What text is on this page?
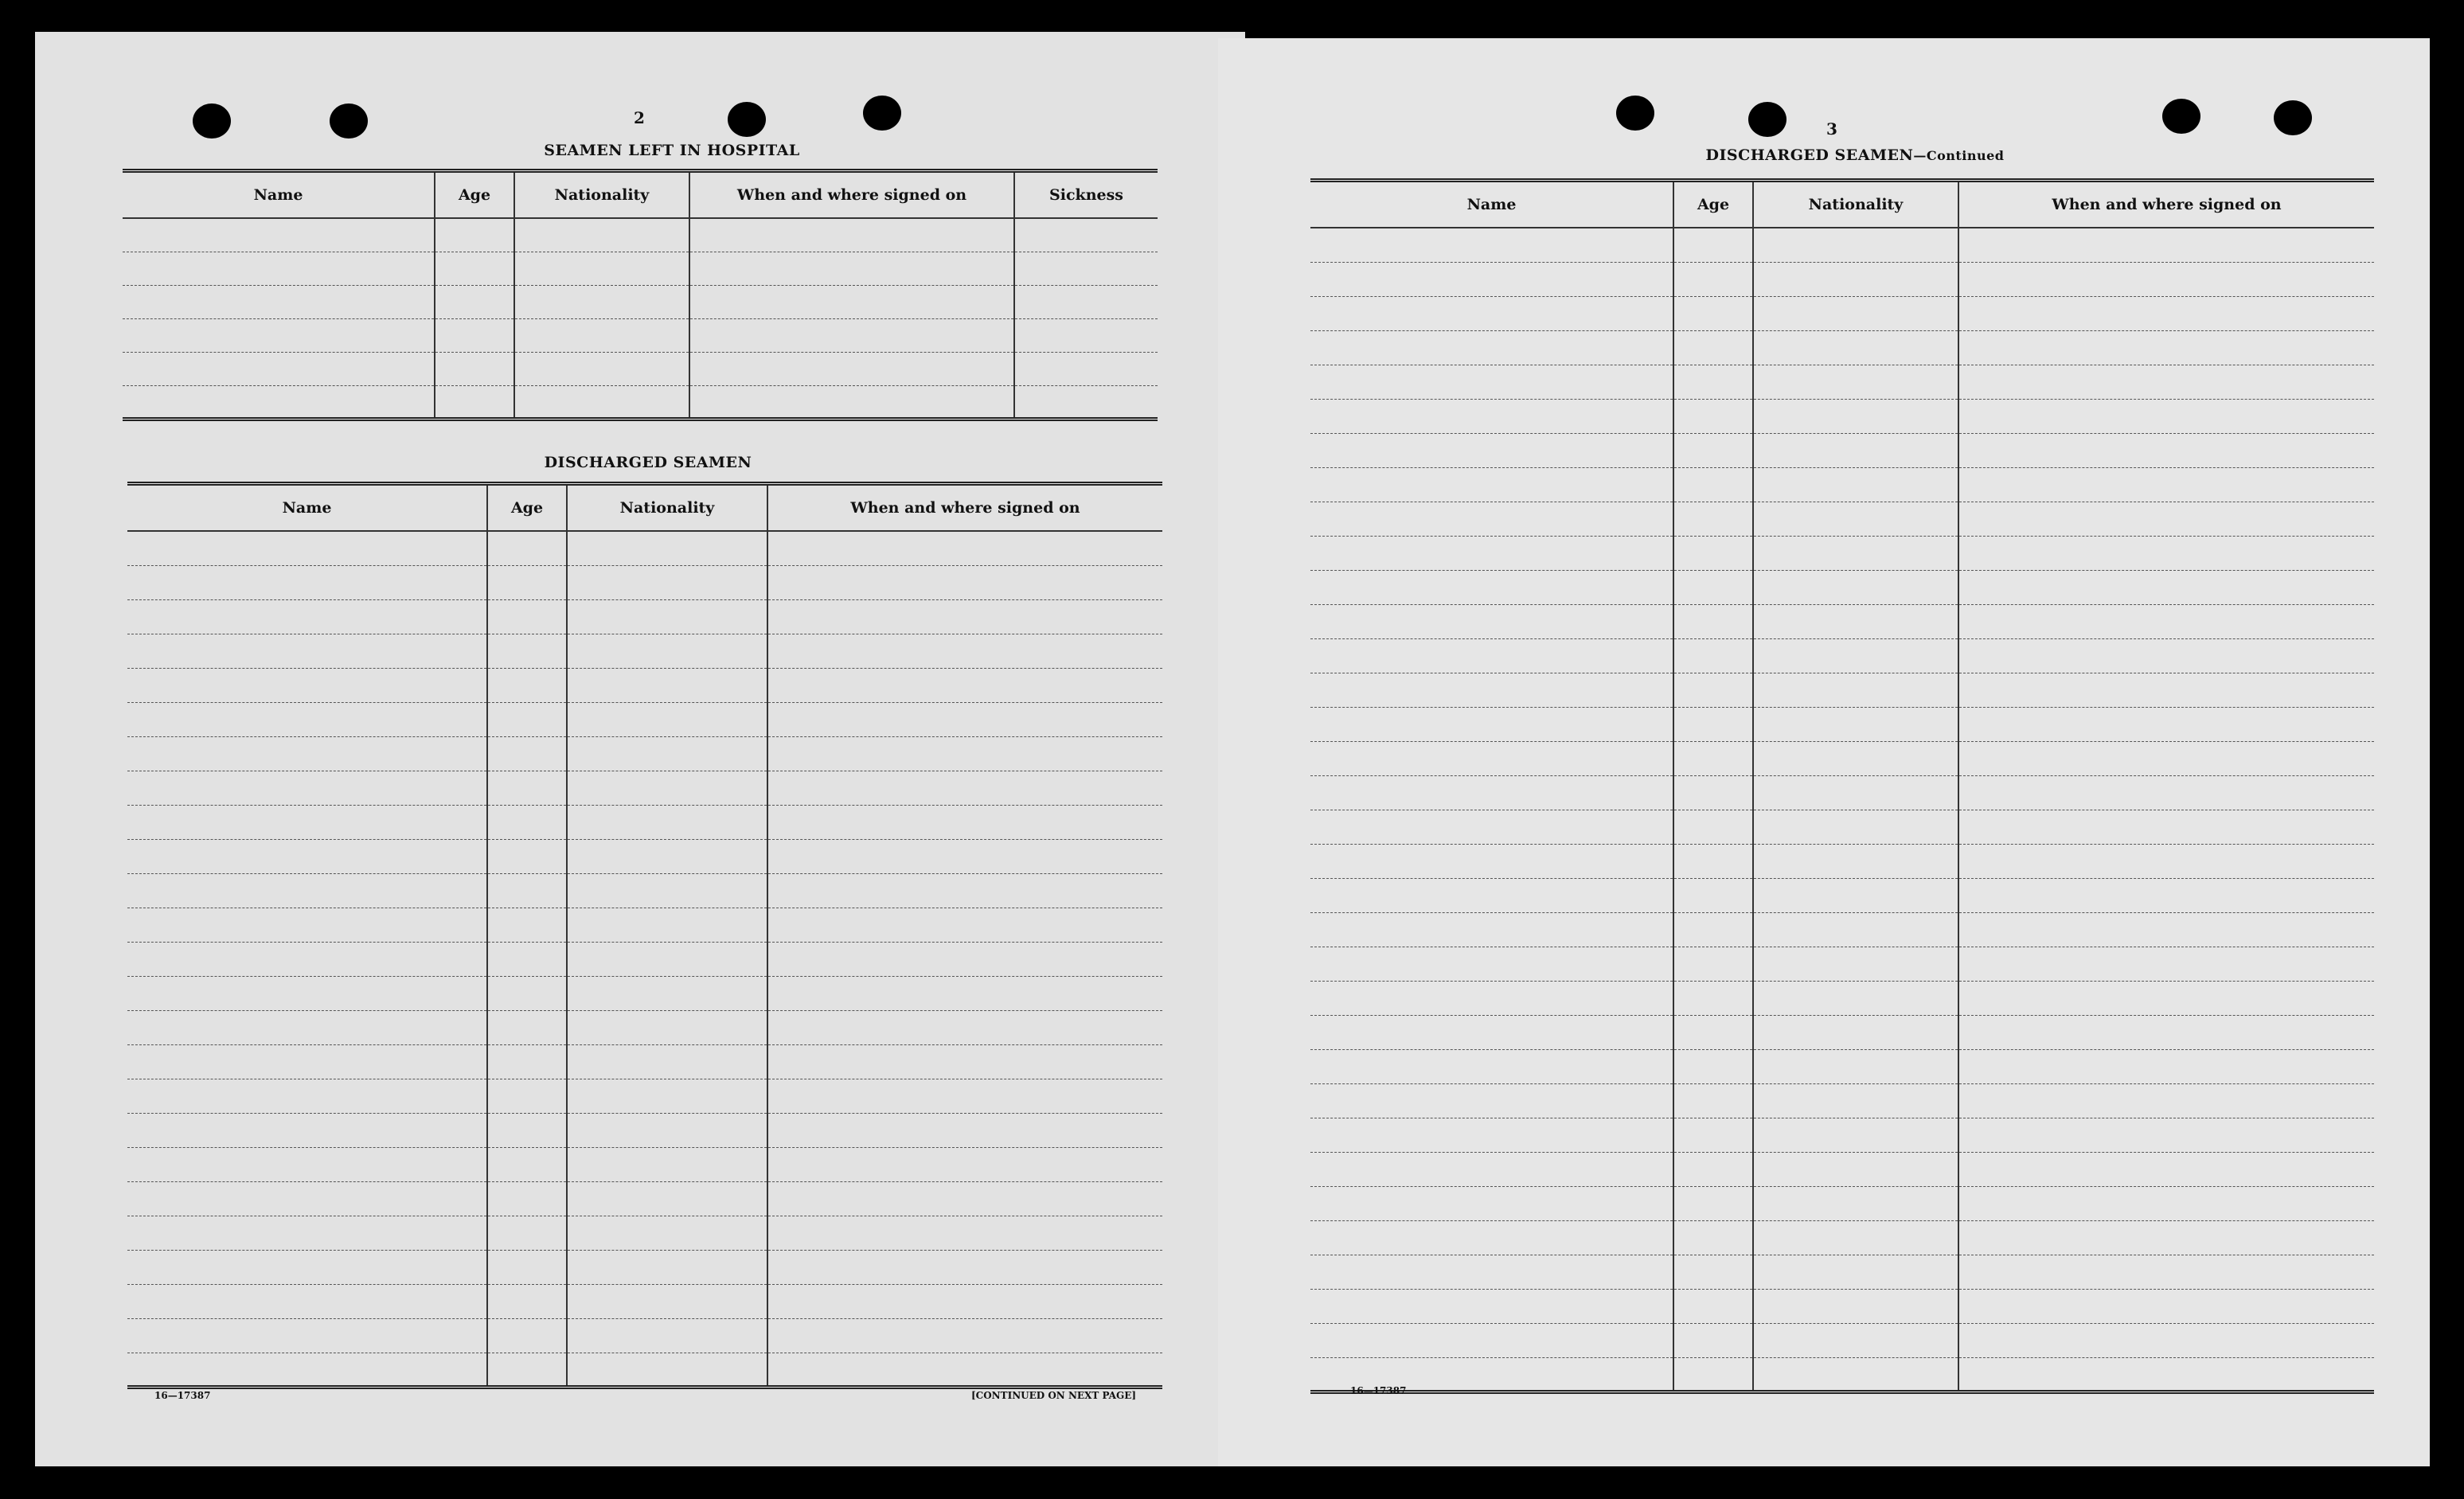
2
SEAMEN LEFT IN HOSPITAL
Name	Age	Nationality	When and where signed on	Sickness

DISCHARGED SEAMEN
Name	Age	Nationality	When and where signed on

16—17387	[CONTINUED ON NEXT PAGE]
3
DISCHARGED SEAMEN—Continued
Name	Age	Nationality	When and where signed on

16—17387
